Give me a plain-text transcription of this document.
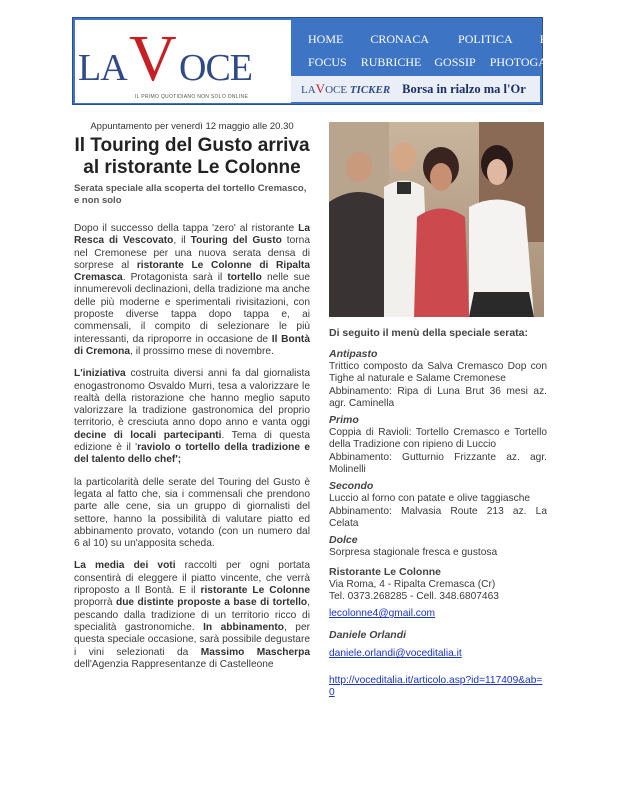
LA V OCE
IL PRIMO QUOTIDIANO NON SOLO ONLINE
HOME CRONACA POLITICA ESTE
FOCUS RUBRICHE GOSSIP PHOTOGALLERY
LAVOCE TICKER Borsa in rialzo ma l'Or

Appuntamento per venerdì 12 maggio alle 20.30

Il Touring del Gusto arriva al ristorante Le Colonne

Serata speciale alla scoperta del tortello Cremasco, e non solo

Dopo il successo della tappa 'zero' al ristorante La Resca di Vescovato, il Touring del Gusto torna nel Cremonese per una nuova serata densa di sorprese al ristorante Le Colonne di Ripalta Cremasca. Protagonista sarà il tortello nelle sue innumerevoli declinazioni, della tradizione ma anche delle più moderne e sperimentali rivisitazioni, con proposte diverse tappa dopo tappa e, ai commensali, il compito di selezionare le più interessanti, da riproporre in occasione de Il Bontà di Cremona, il prossimo mese di novembre.

L'iniziativa costruita diversi anni fa dal giornalista enogastronomo Osvaldo Murri, tesa a valorizzare le realtà della ristorazione che hanno meglio saputo valorizzare la tradizione gastronomica del proprio territorio, è cresciuta anno dopo anno e vanta oggi decine di locali partecipanti. Tema di questa edizione è il 'raviolo o tortello della tradizione e del talento dello chef';

la particolarità delle serate del Touring del Gusto è legata al fatto che, sia i commensali che prendono parte alle cene, sia un gruppo di giornalisti del settore, hanno la possibilità di valutare piatto ed abbinamento provato, votando (con un numero dal 6 al 10) su un'apposita scheda.

La media dei voti raccolti per ogni portata consentirà di eleggere il piatto vincente, che verrà riproposto a Il Bontà. E il ristorante Le Colonne proporrà due distinte proposte a base di tortello, pescando dalla tradizione di un territorio ricco di specialità gastronomiche. In abbinamento, per questa speciale occasione, sarà possibile degustare i vini selezionati da Massimo Mascherpa dell'Agenzia Rappresentanze di Castelleone

Di seguito il menù della speciale serata:

Antipasto

Trittico composto da Salva Cremasco Dop con Tighe al naturale e Salame Cremonese
Abbinamento: Ripa di Luna Brut 36 mesi az. agr. Caminella

Primo

Coppia di Ravioli: Tortello Cremasco e Tortello della Tradizione con ripieno di Luccio
Abbinamento: Gutturnio Frizzante az. agr. Molinelli

Secondo

Luccio al forno con patate e olive taggiasche
Abbinamento: Malvasia Route 213 az. La Celata

Dolce

Sorpresa stagionale fresca e gustosa

Ristorante Le Colonne

Via Roma, 4 - Ripalta Cremasca (Cr)
Tel. 0373.268285 - Cell. 348.6807463
lecolonne4@gmail.com

Daniele Orlandi

daniele.orlandi@voceditalia.it
http://voceditalia.it/articolo.asp?id=117409&ab=0
